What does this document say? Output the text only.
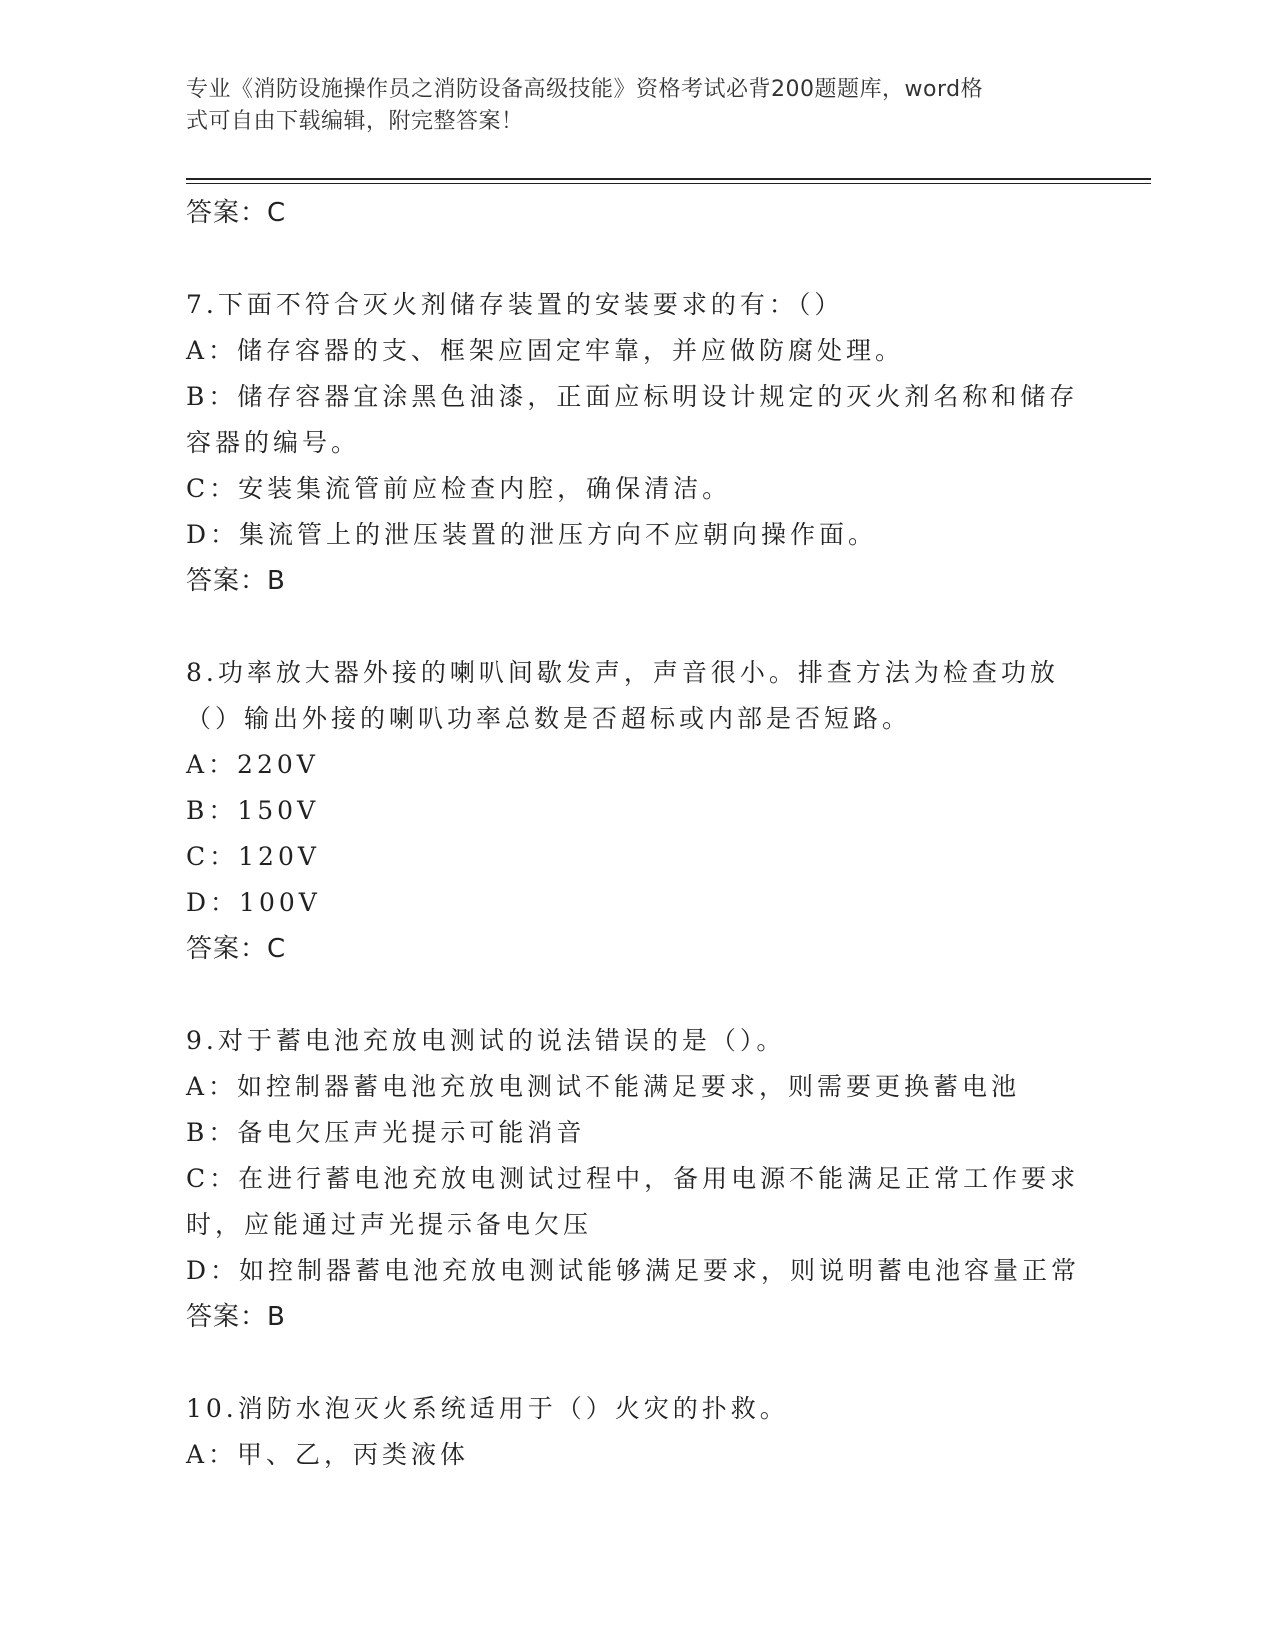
专业《消防设施操作员之消防设备高级技能》资格考试必背200题题库，word格
式可自由下载编辑，附完整答案！
答案：C
7.下面不符合灭火剂储存装置的安装要求的有：（）
A：储存容器的支、框架应固定牢靠，并应做防腐处理。
B：储存容器宜涂黑色油漆，正面应标明设计规定的灭火剂名称和储存
容器的编号。
C：安装集流管前应检查内腔，确保清洁。
D：集流管上的泄压装置的泄压方向不应朝向操作面。
答案：B
8.功率放大器外接的喇叭间歇发声，声音很小。排查方法为检查功放
（）输出外接的喇叭功率总数是否超标或内部是否短路。
A：220V
B：150V
C：120V
D：100V
答案：C
9.对于蓄电池充放电测试的说法错误的是（）。
A：如控制器蓄电池充放电测试不能满足要求，则需要更换蓄电池
B：备电欠压声光提示可能消音
C：在进行蓄电池充放电测试过程中，备用电源不能满足正常工作要求
时，应能通过声光提示备电欠压
D：如控制器蓄电池充放电测试能够满足要求，则说明蓄电池容量正常
答案：B
10.消防水泡灭火系统适用于（）火灾的扑救。
A：甲、乙，丙类液体
